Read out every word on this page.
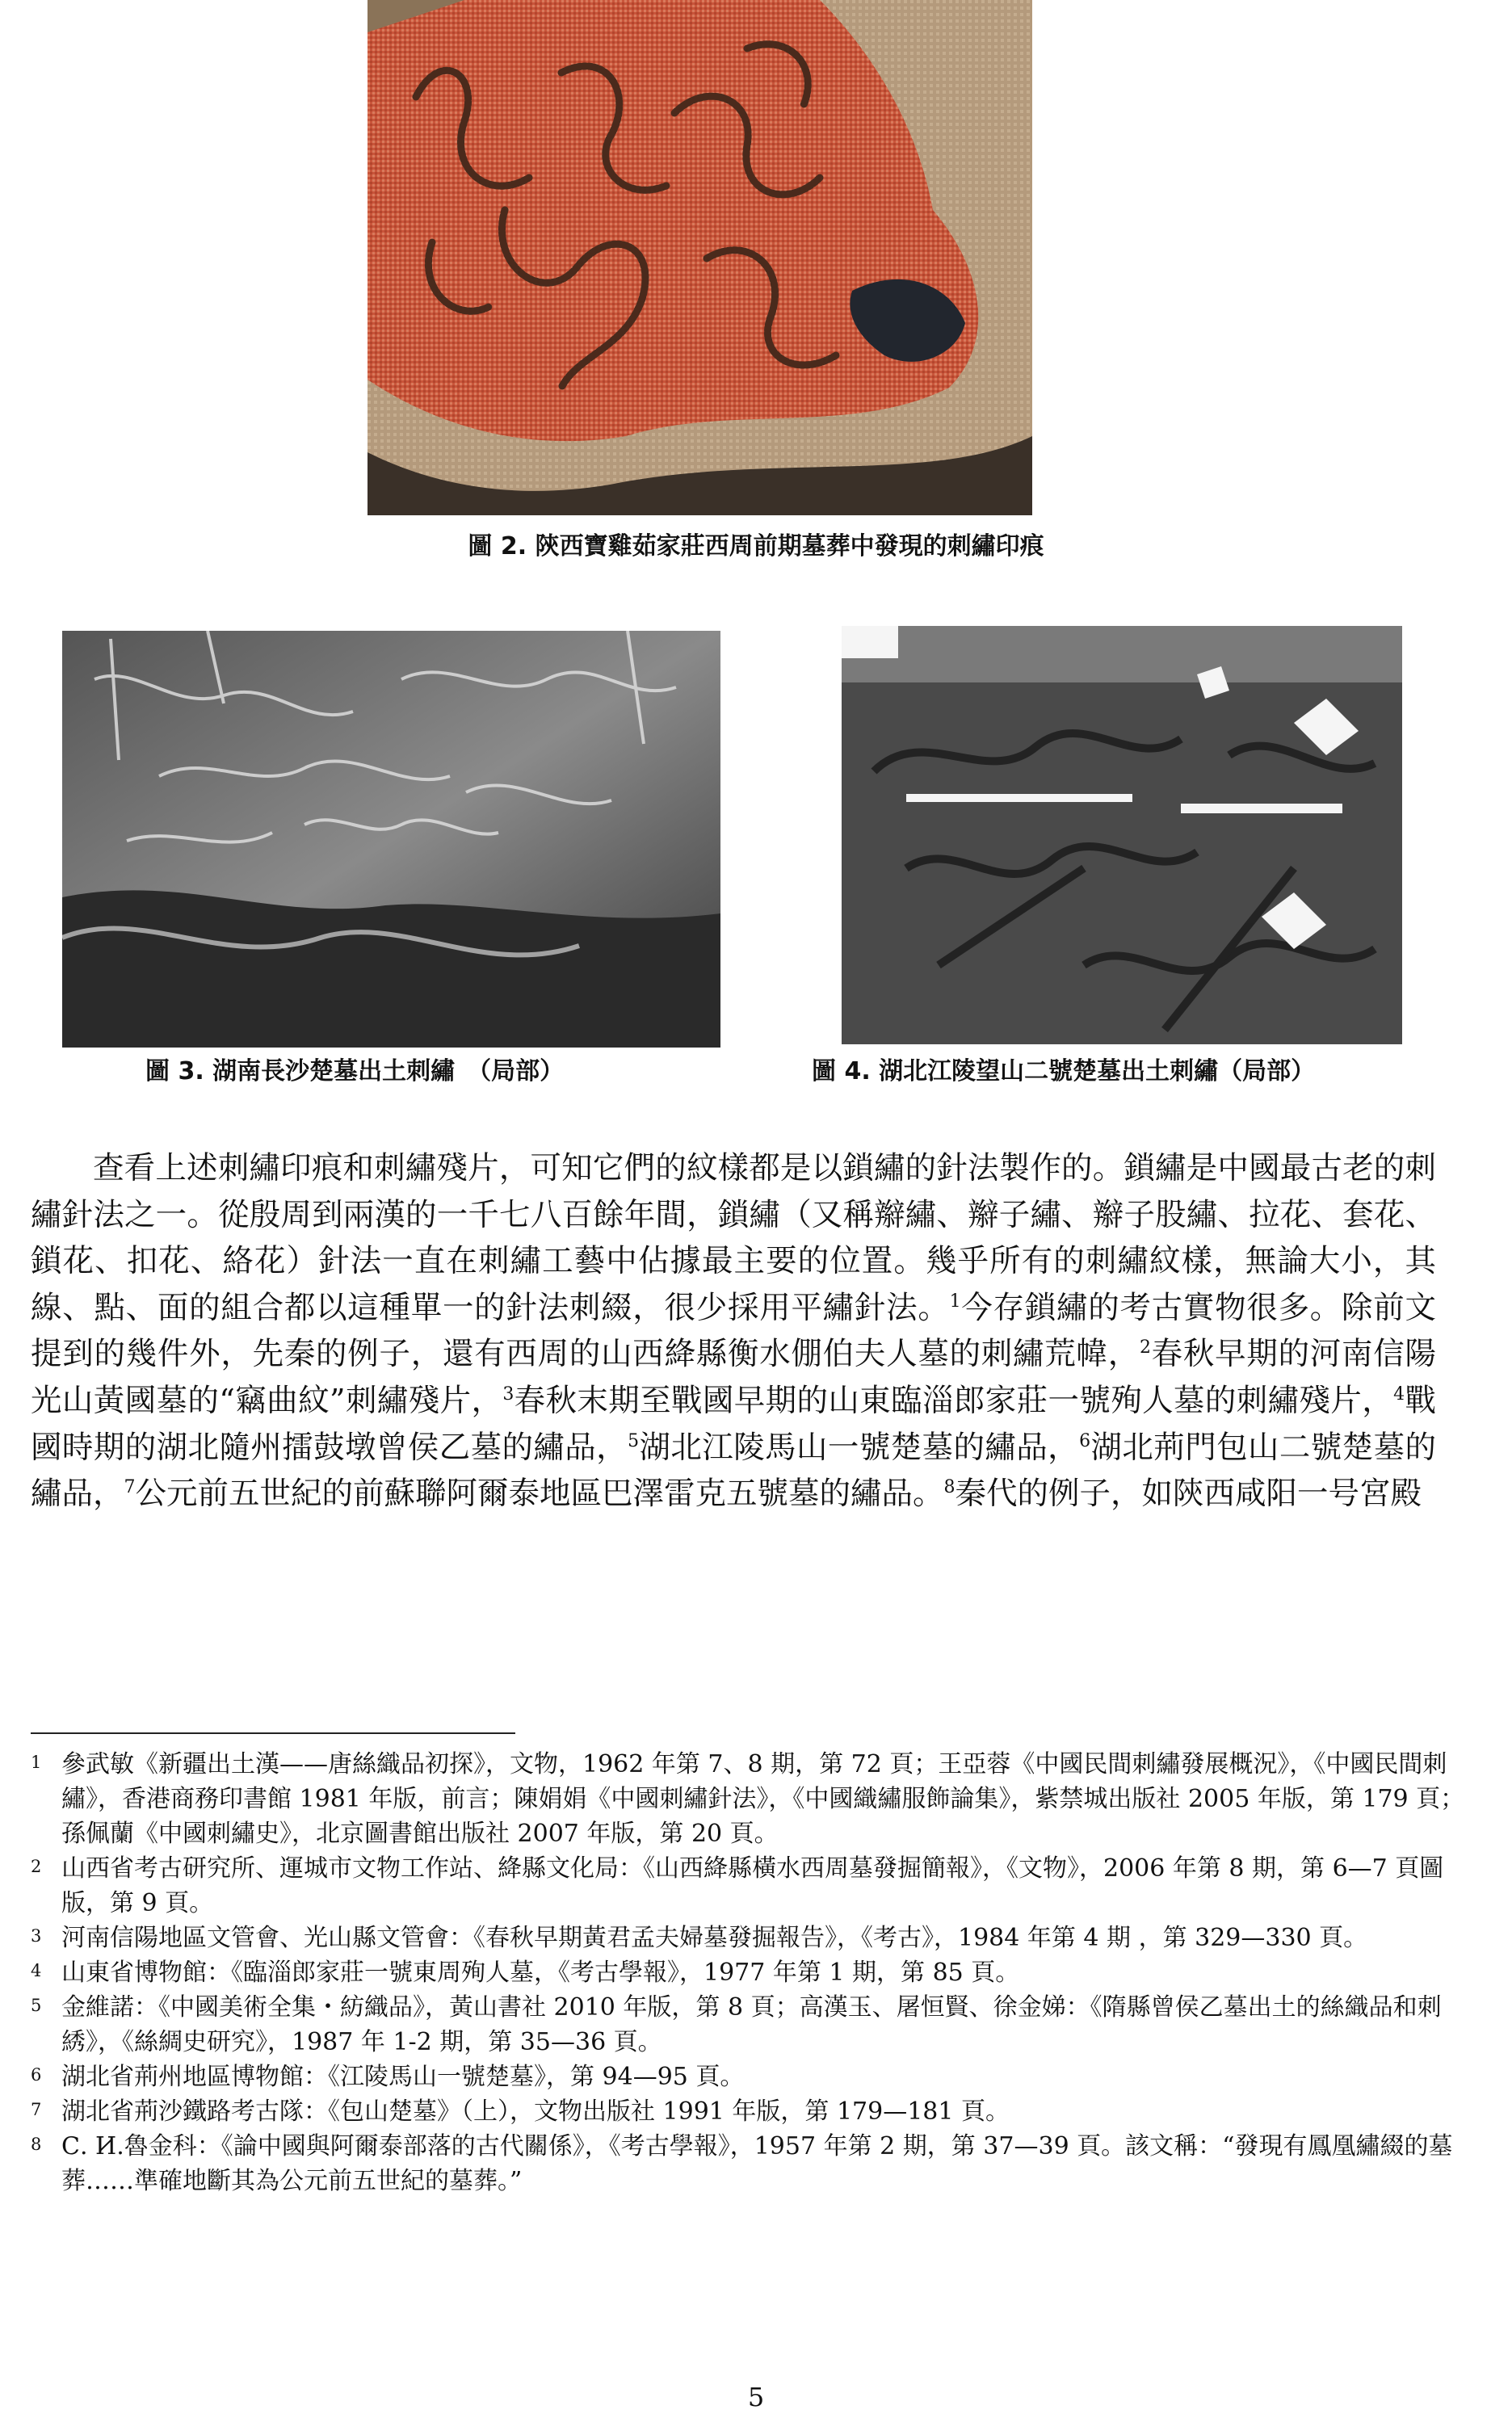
圖 2. 陝西寶雞茹家莊西周前期墓葬中發現的刺繡印痕
圖 3. 湖南長沙楚墓出土刺繡　（局部）	圖 4. 湖北江陵望山二號楚墓出土刺繡（局部）

查看上述刺繡印痕和刺繡殘片，可知它們的紋樣都是以鎖繡的針法製作的。鎖繡是中國最古老的刺繡針法之一。從殷周到兩漢的一千七八百餘年間，鎖繡（又稱辮繡、辮子繡、辮子股繡、拉花、套花、鎖花、扣花、絡花）針法一直在刺繡工藝中佔據最主要的位置。幾乎所有的刺繡紋樣，無論大小，其線、點、面的組合都以這種單一的針法刺綴，很少採用平繡針法。$^1$今存鎖繡的考古實物很多。除前文提到的幾件外，先秦的例子，還有西周的山西絳縣衡水倗伯夫人墓的刺繡荒幃，$^2$春秋早期的河南信陽光山黃國墓的“竊曲紋”刺繡殘片，$^3$春秋末期至戰國早期的山東臨淄郎家莊一號殉人墓的刺繡殘片，$^4$戰國時期的湖北隨州擂鼓墩曾侯乙墓的繡品，$^5$湖北江陵馬山一號楚墓的繡品，$^6$湖北荊門包山二號楚墓的繡品，$^7$公元前五世紀的前蘇聯阿爾泰地區巴澤雷克五號墓的繡品。$^8$秦代的例子，如陝西咸阳一号宮殿

1 參武敏《新疆出土漢——唐絲織品初探》，文物，1962 年第 7、8 期，第 72 頁；王亞蓉《中國民間刺繡發展概況》，《中國民間刺繡》，香港商務印書館 1981 年版，前言；陳娟娟《中國刺繡針法》，《中國織繡服飾論集》，紫禁城出版社 2005 年版，第 179 頁；孫佩蘭《中國刺繡史》，北京圖書館出版社 2007 年版，第 20 頁。
2 山西省考古研究所、運城市文物工作站、絳縣文化局：《山西絳縣橫水西周墓發掘簡報》，《文物》，2006 年第 8 期，第 6—7 頁圖版，第 9 頁。
3 河南信陽地區文管會、光山縣文管會：《春秋早期黃君孟夫婦墓發掘報告》，《考古》，1984 年第 4 期 ，第 329—330 頁。
4 山東省博物館：《臨淄郎家莊一號東周殉人墓，《考古學報》，1977 年第 1 期，第 85 頁。
5 金維諾：《中國美術全集・紡織品》，黃山書社 2010 年版，第 8 頁；高漢玉、屠恒賢、徐金娣：《隋縣曾侯乙墓出土的絲織品和刺綉》，《絲綢史研究》，1987 年 1-2 期，第 35—36 頁。
6 湖北省荊州地區博物館：《江陵馬山一號楚墓》，第 94—95 頁。
7 湖北省荊沙鐵路考古隊：《包山楚墓》（上），文物出版社 1991 年版，第 179—181 頁。
8 С. И.魯金科：《論中國與阿爾泰部落的古代關係》，《考古學報》，1957 年第 2 期，第 37—39 頁。該文稱：“發現有鳳凰繡綴的墓葬……準確地斷其為公元前五世紀的墓葬。”
5
